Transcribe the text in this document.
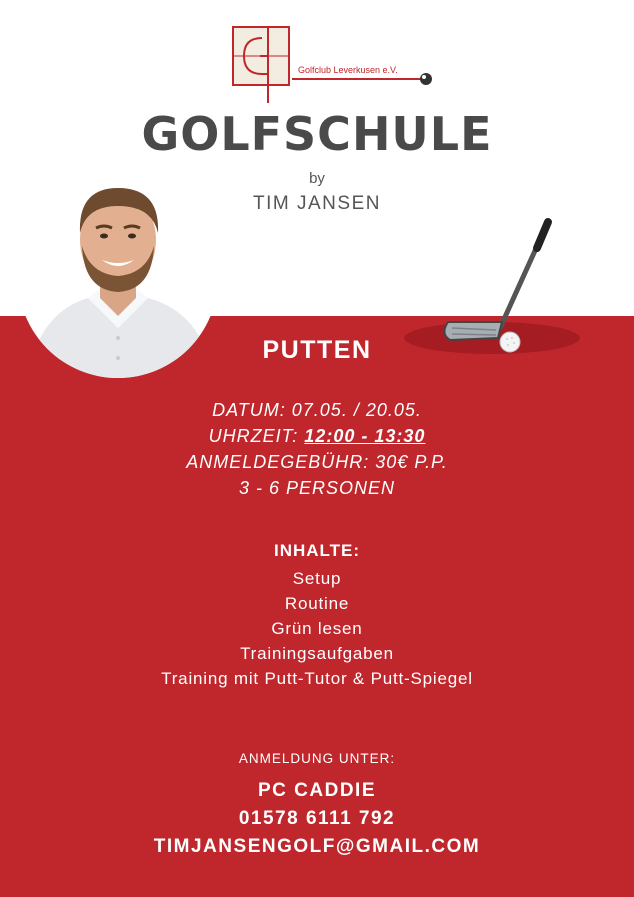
Golfclub Leverkusen e.V.
GOLFSCHULE
by
TIM JANSEN
PUTTEN
DATUM: 07.05. / 20.05.
UHRZEIT: 12:00 - 13:30
ANMELDEGEBÜHR: 30€ P.P.
3 - 6 PERSONEN
INHALTE:
Setup
Routine
Grün lesen
Trainingsaufgaben
Training mit Putt-Tutor & Putt-Spiegel
ANMELDUNG UNTER:
PC CADDIE
01578 6111 792
TIMJANSENGOLF@GMAIL.COM
